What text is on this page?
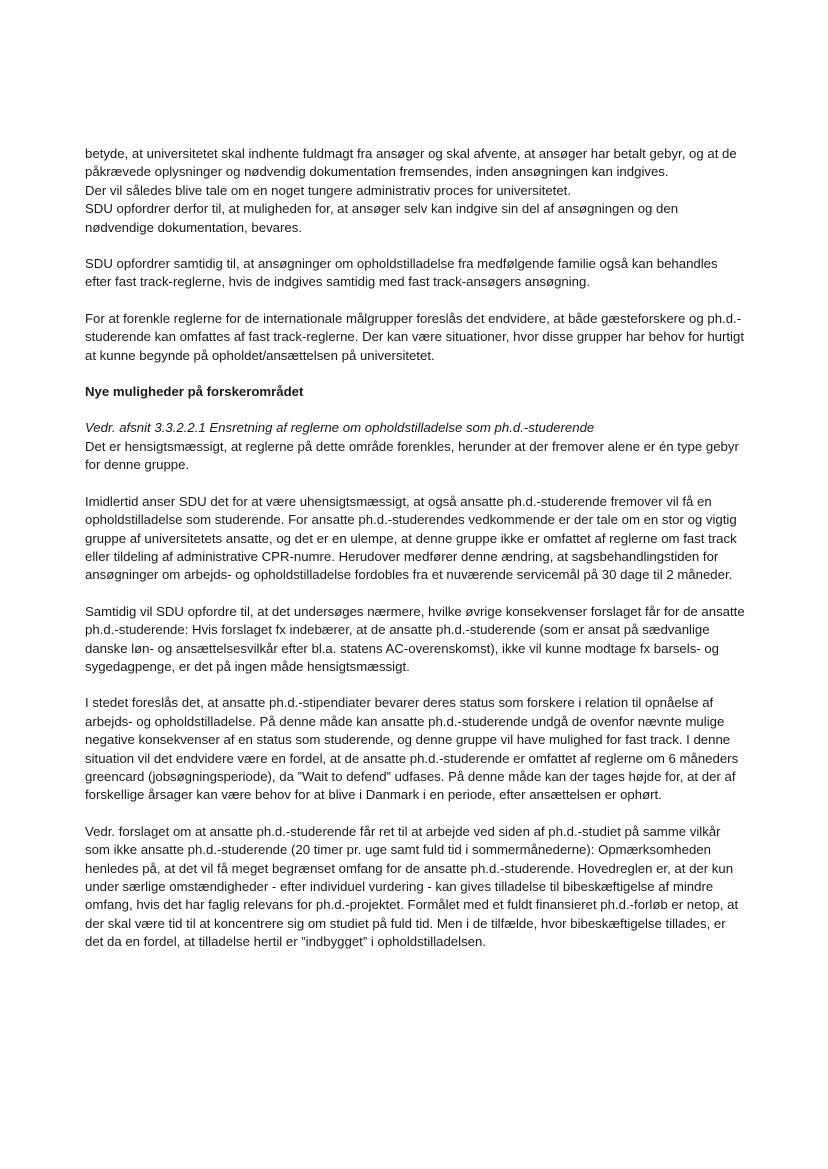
betyde, at universitetet skal indhente fuldmagt fra ansøger og skal afvente, at ansøger har betalt gebyr, og at de påkrævede oplysninger og nødvendig dokumentation fremsendes, inden ansøgningen kan indgives.

Der vil således blive tale om en noget tungere administrativ proces for universitetet.

SDU opfordrer derfor til, at muligheden for, at ansøger selv kan indgive sin del af ansøgningen og den nødvendige dokumentation, bevares.

SDU opfordrer samtidig til, at ansøgninger om opholdstilladelse fra medfølgende familie også kan behandles efter fast track-reglerne, hvis de indgives samtidig med fast track-ansøgers ansøgning.

For at forenkle reglerne for de internationale målgrupper foreslås det endvidere, at både gæsteforskere og ph.d.-studerende kan omfattes af fast track-reglerne. Der kan være situationer, hvor disse grupper har behov for hurtigt at kunne begynde på opholdet/ansættelsen på universitetet.

Nye muligheder på forskerområdet

Vedr. afsnit 3.3.2.2.1 Ensretning af reglerne om opholdstilladelse som ph.d.-studerende

Det er hensigtsmæssigt, at reglerne på dette område forenkles, herunder at der fremover alene er én type gebyr for denne gruppe.

Imidlertid anser SDU det for at være uhensigtsmæssigt, at også ansatte ph.d.-studerende fremover vil få en opholdstilladelse som studerende. For ansatte ph.d.-studerendes vedkommende er der tale om en stor og vigtig gruppe af universitetets ansatte, og det er en ulempe, at denne gruppe ikke er omfattet af reglerne om fast track eller tildeling af administrative CPR-numre. Herudover medfører denne ændring, at sagsbehandlingstiden for ansøgninger om arbejds- og opholdstilladelse fordobles fra et nuværende servicemål på 30 dage til 2 måneder.

Samtidig vil SDU opfordre til, at det undersøges nærmere, hvilke øvrige konsekvenser forslaget får for de ansatte ph.d.-studerende: Hvis forslaget fx indebærer, at de ansatte ph.d.-studerende (som er ansat på sædvanlige danske løn- og ansættelsesvilkår efter bl.a. statens AC-overenskomst), ikke vil kunne modtage fx barsels- og sygedagpenge, er det på ingen måde hensigtsmæssigt.

I stedet foreslås det, at ansatte ph.d.-stipendiater bevarer deres status som forskere i relation til opnåelse af arbejds- og opholdstilladelse. På denne måde kan ansatte ph.d.-studerende undgå de ovenfor nævnte mulige negative konsekvenser af en status som studerende, og denne gruppe vil have mulighed for fast track. I denne situation vil det endvidere være en fordel, at de ansatte ph.d.-studerende er omfattet af reglerne om 6 måneders greencard (jobsøgningsperiode), da ”Wait to defend” udfases. På denne måde kan der tages højde for, at der af forskellige årsager kan være behov for at blive i Danmark i en periode, efter ansættelsen er ophørt.

Vedr. forslaget om at ansatte ph.d.-studerende får ret til at arbejde ved siden af ph.d.-studiet på samme vilkår som ikke ansatte ph.d.-studerende (20 timer pr. uge samt fuld tid i sommermånederne): Opmærksomheden henledes på, at det vil få meget begrænset omfang for de ansatte ph.d.-studerende. Hovedreglen er, at der kun under særlige omstændigheder - efter individuel vurdering - kan gives tilladelse til bibeskæftigelse af mindre omfang, hvis det har faglig relevans for ph.d.-projektet. Formålet med et fuldt finansieret ph.d.-forløb er netop, at der skal være tid til at koncentrere sig om studiet på fuld tid. Men i de tilfælde, hvor bibeskæftigelse tillades, er det da en fordel, at tilladelse hertil er ”indbygget” i opholdstilladelsen.
